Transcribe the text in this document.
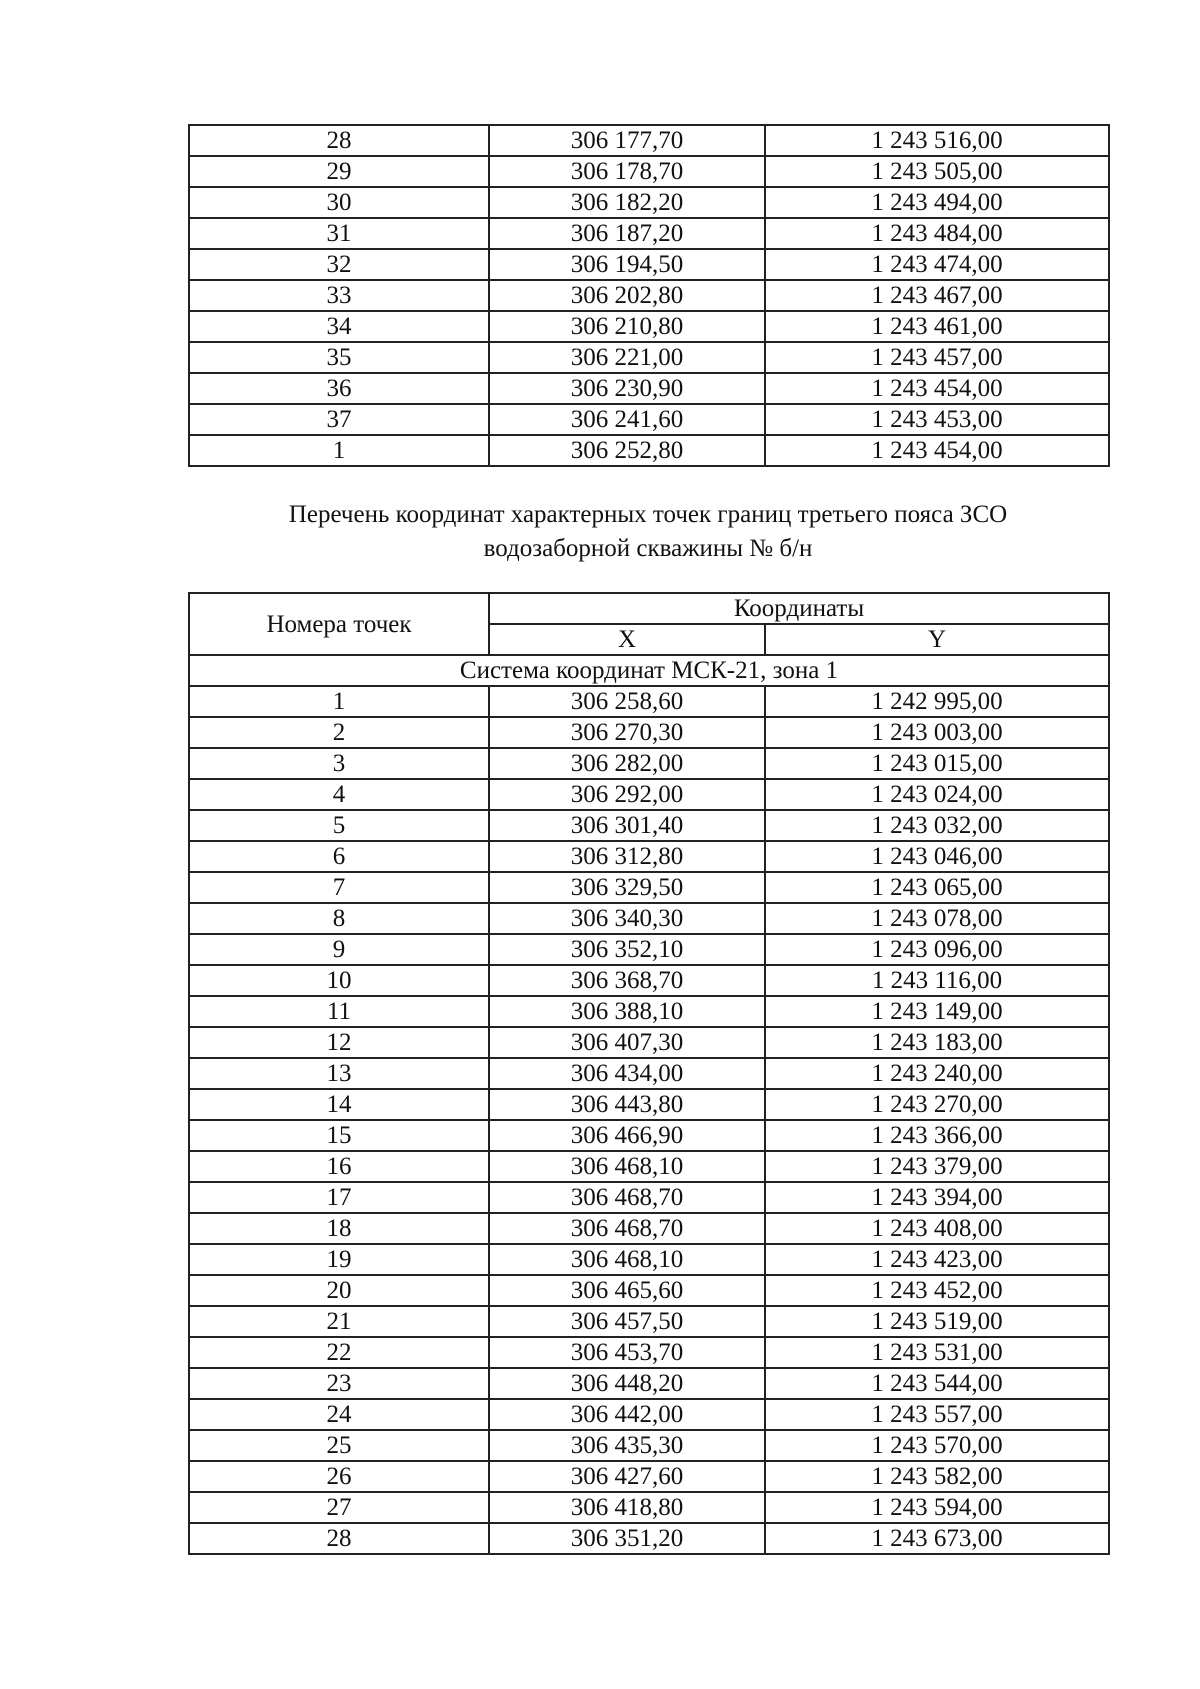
28	306 177,70	1 243 516,00
29	306 178,70	1 243 505,00
30	306 182,20	1 243 494,00
31	306 187,20	1 243 484,00
32	306 194,50	1 243 474,00
33	306 202,80	1 243 467,00
34	306 210,80	1 243 461,00
35	306 221,00	1 243 457,00
36	306 230,90	1 243 454,00
37	306 241,60	1 243 453,00
1	306 252,80	1 243 454,00
Перечень координат характерных точек границ третьего пояса ЗСО
водозаборной скважины № б/н
Номера точек	Координаты	
	X	Y
Система координат МСК-21, зона 1		
1	306 258,60	1 242 995,00
2	306 270,30	1 243 003,00
3	306 282,00	1 243 015,00
4	306 292,00	1 243 024,00
5	306 301,40	1 243 032,00
6	306 312,80	1 243 046,00
7	306 329,50	1 243 065,00
8	306 340,30	1 243 078,00
9	306 352,10	1 243 096,00
10	306 368,70	1 243 116,00
11	306 388,10	1 243 149,00
12	306 407,30	1 243 183,00
13	306 434,00	1 243 240,00
14	306 443,80	1 243 270,00
15	306 466,90	1 243 366,00
16	306 468,10	1 243 379,00
17	306 468,70	1 243 394,00
18	306 468,70	1 243 408,00
19	306 468,10	1 243 423,00
20	306 465,60	1 243 452,00
21	306 457,50	1 243 519,00
22	306 453,70	1 243 531,00
23	306 448,20	1 243 544,00
24	306 442,00	1 243 557,00
25	306 435,30	1 243 570,00
26	306 427,60	1 243 582,00
27	306 418,80	1 243 594,00
28	306 351,20	1 243 673,00
